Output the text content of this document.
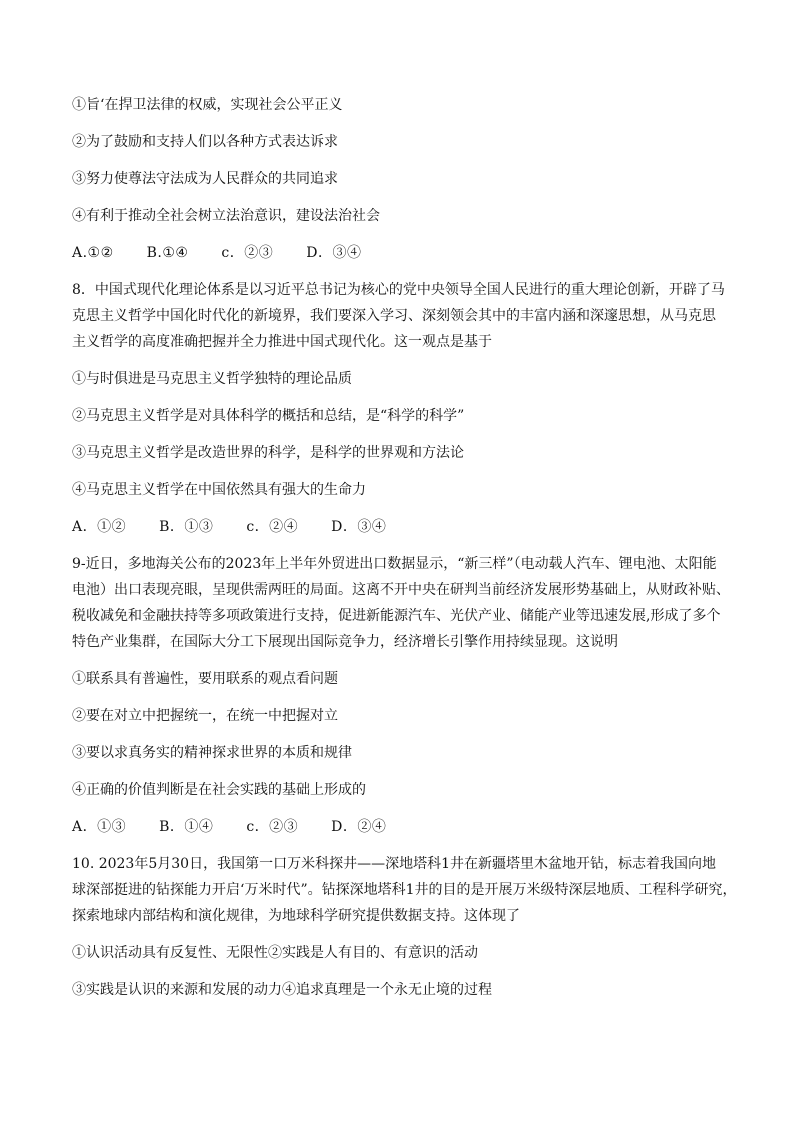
①旨‘在捍卫法律的权威，实现社会公平正义
②为了鼓励和支持人们以各种方式表达诉求
③努力使尊法守法成为人民群众的共同追求
④有利于推动全社会树立法治意识，建设法治社会
A.①② B.①④ c．②③ D．③④
8．中国式现代化理论体系是以习近平总书记为核心的党中央领导全国人民进行的重大理论创新，开辟了马
克思主义哲学中国化时代化的新境界，我们要深入学习、深刻领会其中的丰富内涵和深邃思想，从马克思
主义哲学的高度准确把握并全力推进中国式现代化。这一观点是基于
①与时俱进是马克思主义哲学独特的理论品质
②马克思主义哲学是对具体科学的概括和总结，是“科学的科学”
③马克思主义哲学是改造世界的科学，是科学的世界观和方法论
④马克思主义哲学在中国依然具有强大的生命力
A．①② B．①③ c．②④ D．③④
9-近日，多地海关公布的2023年上半年外贸进出口数据显示，“新三样”（电动载人汽车、锂电池、太阳能
电池）出口表现亮眼，呈现供需两旺的局面。这离不开中央在研判当前经济发展形势基础上，从财政补贴、
税收减免和金融扶持等多项政策进行支持，促进新能源汽车、光伏产业、储能产业等迅速发展,形成了多个
特色产业集群，在国际大分工下展现出国际竞争力，经济增长引擎作用持续显现。这说明
①联系具有普遍性，要用联系的观点看问题
②要在对立中把握统一，在统一中把握对立
③要以求真务实的精神探求世界的本质和规律
④正确的价值判断是在社会实践的基础上形成的
A．①③ B．①④ c．②③ D．②④
10. 2023年5月30日，我国第一口万米科探井——深地塔科1井在新疆塔里木盆地开钻，标志着我国向地
球深部挺进的钻探能力开启‘万米时代”。钻探深地塔科1井的目的是开展万米级特深层地质、工程科学研究，
探索地球内部结构和演化规律，为地球科学研究提供数据支持。这体现了
①认识活动具有反复性、无限性②实践是人有目的、有意识的活动
③实践是认识的来源和发展的动力④追求真理是一个永无止境的过程
